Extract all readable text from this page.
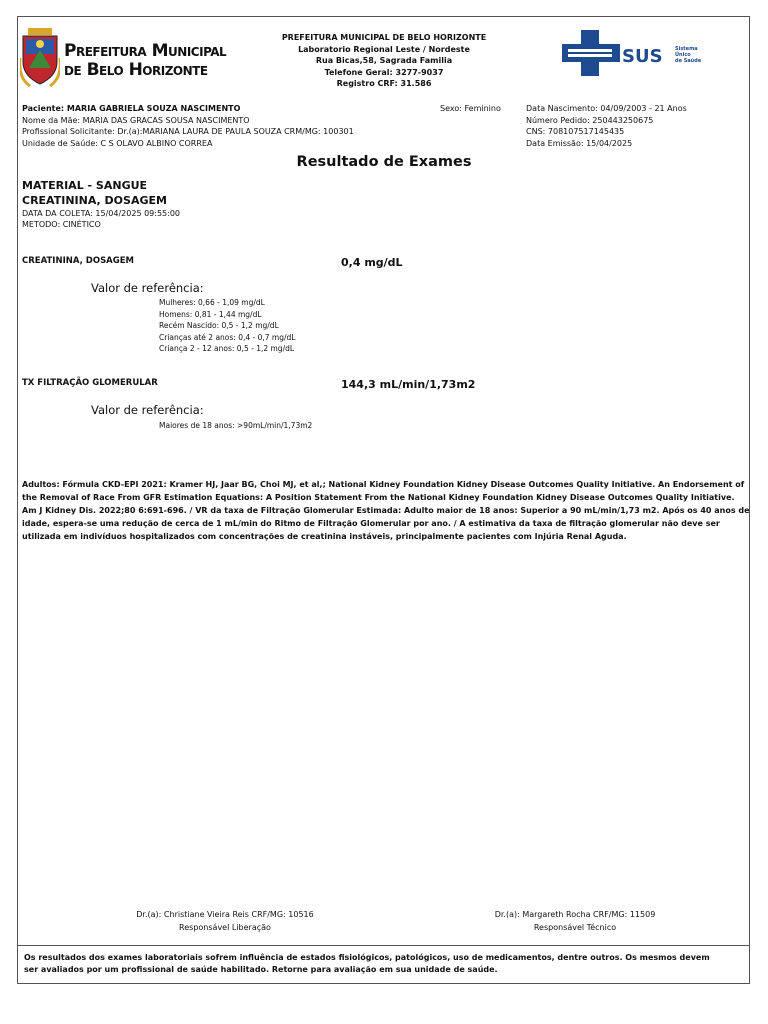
Prefeitura Municipal
de Belo Horizonte
PREFEITURA MUNICIPAL DE BELO HORIZONTE
Laboratorio Regional Leste / Nordeste
Rua Bicas,58, Sagrada Familia
Telefone Geral: 3277-9037
Registro CRF: 31.586
SUS Sistema
Único
de Saúde
Paciente: MARIA GABRIELA SOUZA NASCIMENTO
Nome da Mãe: MARIA DAS GRACAS SOUSA NASCIMENTO
Profissional Solicitante: Dr.(a):MARIANA LAURA DE PAULA SOUZA CRM/MG: 100301
Unidade de Saúde: C S OLAVO ALBINO CORREA
Sexo: Feminino	Data Nascimento: 04/09/2003 - 21 Anos
Número Pedido: 250443250675
CNS: 708107517145435
Data Emissão: 15/04/2025
Resultado de Exames
MATERIAL - SANGUE
CREATININA, DOSAGEM
DATA DA COLETA: 15/04/2025 09:55:00
METODO: CINÉTICO
CREATININA, DOSAGEM	0,4 mg/dL
Valor de referência:
Mulheres: 0,66 - 1,09 mg/dL
Homens: 0,81 - 1,44 mg/dL
Recém Nascido: 0,5 - 1,2 mg/dL
Crianças até 2 anos: 0,4 - 0,7 mg/dL
Criança 2 - 12 anos: 0,5 - 1,2 mg/dL
TX FILTRAÇÃO GLOMERULAR	144,3 mL/min/1,73m2
Valor de referência:
Maiores de 18 anos: >90mL/min/1,73m2
Adultos: Fórmula CKD-EPI 2021: Kramer HJ, Jaar BG, Choi MJ, et al,; National Kidney Foundation Kidney Disease Outcomes Quality Initiative. An Endorsement of the Removal of Race From GFR Estimation Equations: A Position Statement From the National Kidney Foundation Kidney Disease Outcomes Quality Initiative. Am J Kidney Dis. 2022;80 6:691-696. / VR da taxa de Filtração Glomerular Estimada: Adulto maior de 18 anos: Superior a 90 mL/min/1,73 m2. Após os 40 anos de idade, espera-se uma redução de cerca de 1 mL/min do Ritmo de Filtração Glomerular por ano. / A estimativa da taxa de filtração glomerular não deve ser utilizada em indivíduos hospitalizados com concentrações de creatinina instáveis, principalmente pacientes com Injúria Renal Aguda.
Dr.(a): Christiane Vieira Reis CRF/MG: 10516
Responsável Liberação
Dr.(a): Margareth Rocha CRF/MG: 11509
Responsável Técnico
Os resultados dos exames laboratoriais sofrem influência de estados fisiológicos, patológicos, uso de medicamentos, dentre outros. Os mesmos devem ser avaliados por um profissional de saúde habilitado. Retorne para avaliação em sua unidade de saúde.
